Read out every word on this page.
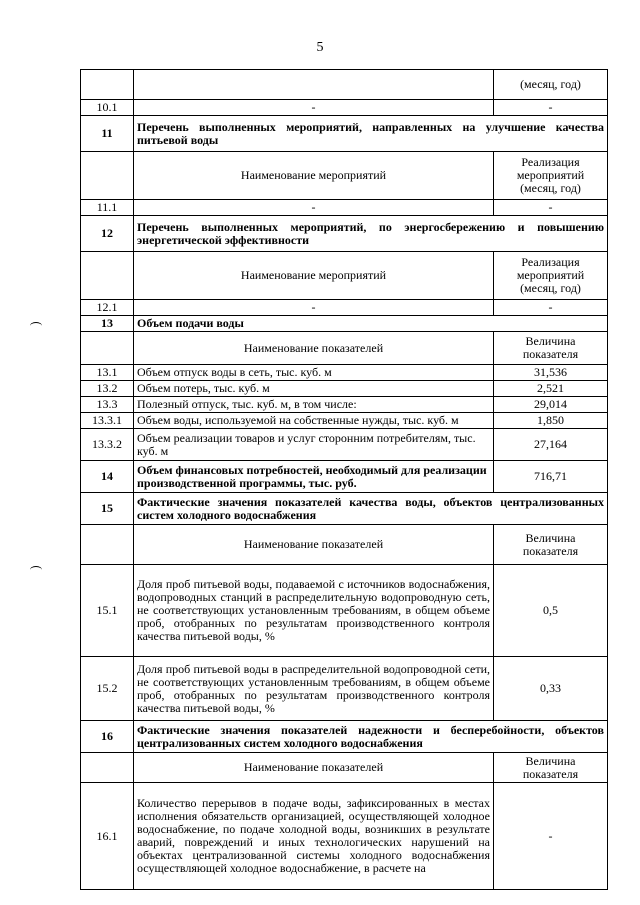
5
		(месяц, год)
10.1	-	-
11	Перечень выполненных мероприятий, направленных на улучшение качества питьевой воды	
	Наименование мероприятий	Реализация мероприятий (месяц, год)
11.1	-	-
12	Перечень выполненных мероприятий, по энергосбережению и повышению энергетической эффективности	
	Наименование мероприятий	Реализация мероприятий (месяц, год)
12.1	-	-
13	Объем подачи воды	
	Наименование показателей	Величина показателя
13.1	Объем отпуск воды в сеть, тыс. куб. м	31,536
13.2	Объем потерь, тыс. куб. м	2,521
13.3	Полезный отпуск, тыс. куб. м, в том числе:	29,014
13.3.1	Объем воды, используемой на собственные нужды, тыс. куб. м	1,850
13.3.2	Объем реализации товаров и услуг сторонним потребителям, тыс. куб. м	27,164
14	Объем финансовых потребностей, необходимый для реализации производственной программы, тыс. руб.	716,71
15	Фактические значения показателей качества воды, объектов централизованных систем холодного водоснабжения	
	Наименование показателей	Величина показателя
15.1	Доля проб питьевой воды, подаваемой с источников водоснабжения, водопроводных станций в распределительную водопроводную сеть, не соответствующих установленным требованиям, в общем объеме проб, отобранных по результатам производственного контроля качества питьевой воды, %	0,5
15.2	Доля проб питьевой воды в распределительной водопроводной сети, не соответствующих установленным требованиям, в общем объеме проб, отобранных по результатам производственного контроля качества питьевой воды, %	0,33
16	Фактические значения показателей надежности и бесперебойности, объектов централизованных систем холодного водоснабжения	
	Наименование показателей	Величина показателя
16.1	Количество перерывов в подаче воды, зафиксированных в местах исполнения обязательств организацией, осуществляющей холодное водоснабжение, по подаче холодной воды, возникших в результате аварий, повреждений и иных технологических нарушений на объектах централизованной системы холодного водоснабжения осуществляющей холодное водоснабжение, в расчете на	-
